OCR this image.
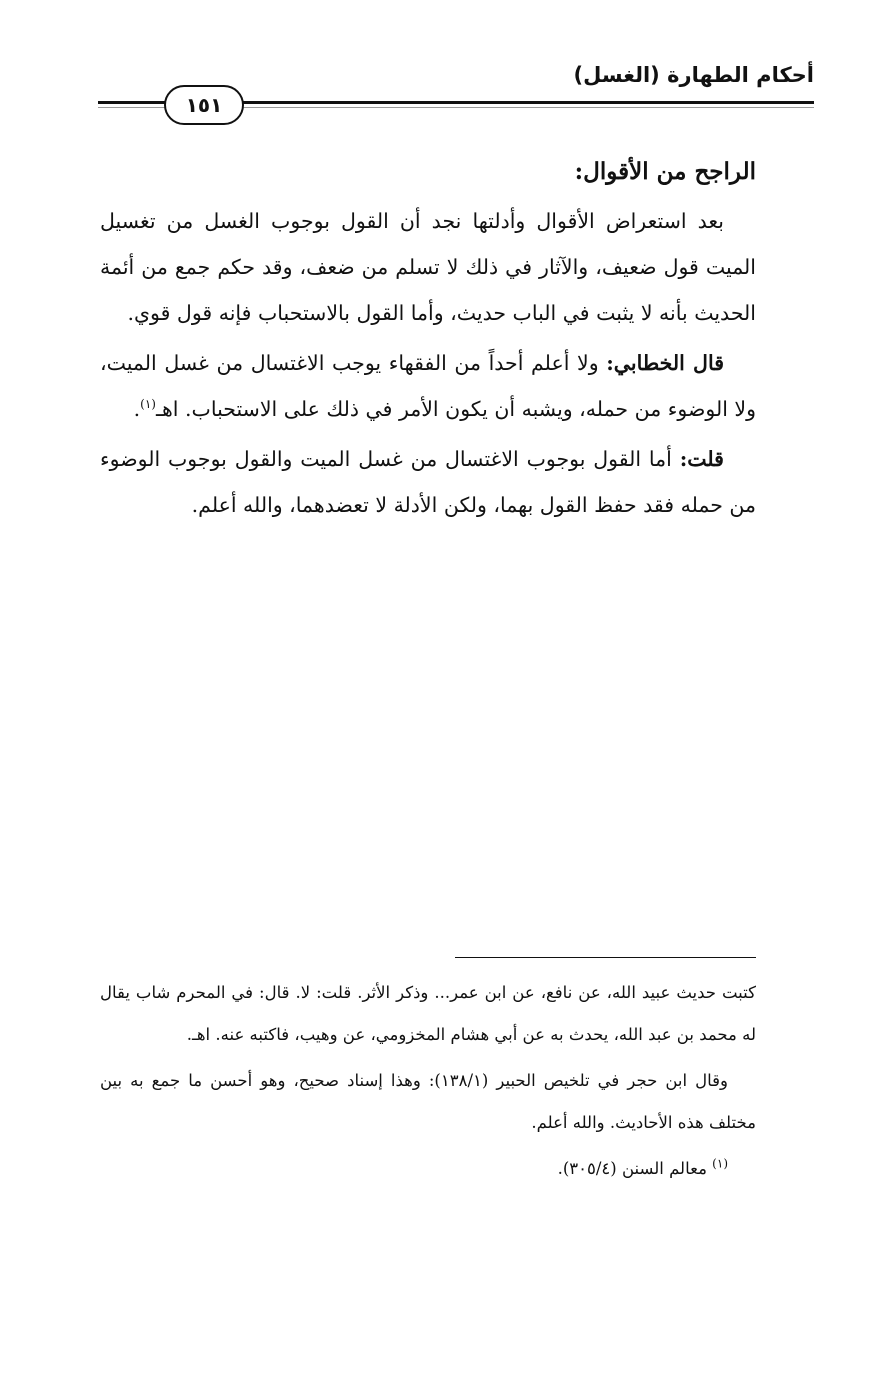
١٥١
أحكام الطهارة (الغسل)
الراجح من الأقوال:

بعد استعراض الأقوال وأدلتها نجد أن القول بوجوب الغسل من تغسيل الميت قول ضعيف، والآثار في ذلك لا تسلم من ضعف، وقد حكم جمع من أئمة الحديث بأنه لا يثبت في الباب حديث، وأما القول بالاستحباب فإنه قول قوي.

قال الخطابي: ولا أعلم أحداً من الفقهاء يوجب الاغتسال من غسل الميت، ولا الوضوء من حمله، ويشبه أن يكون الأمر في ذلك على الاستحباب. اهـ$^{(١)}$.

قلت: أما القول بوجوب الاغتسال من غسل الميت والقول بوجوب الوضوء من حمله فقد حفظ القول بهما، ولكن الأدلة لا تعضدهما، والله أعلم.

كتبت حديث عبيد الله، عن نافع، عن ابن عمر... وذكر الأثر. قلت: لا. قال: في المحرم شاب يقال له محمد بن عبد الله، يحدث به عن أبي هشام المخزومي، عن وهيب، فاكتبه عنه. اهـ.

وقال ابن حجر في تلخيص الحبير (١٣٨/١): وهذا إسناد صحيح، وهو أحسن ما جمع به بين مختلف هذه الأحاديث. والله أعلم.

$^{(١)}$ معالم السنن (٣٠٥/٤).
